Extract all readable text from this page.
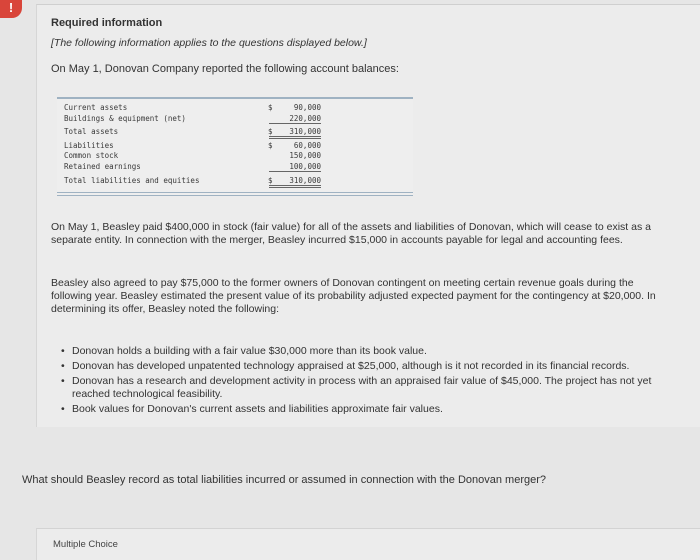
!
Required information
[The following information applies to the questions displayed below.]
On May 1, Donovan Company reported the following account balances:
Current assets	$	90,000
Buildings & equipment (net)	220,000
Total assets	$	310,000
Liabilities	$	60,000
Common stock	150,000
Retained earnings	100,000
Total liabilities and equities	$	310,000
On May 1, Beasley paid $400,000 in stock (fair value) for all of the assets and liabilities of Donovan, which will cease to exist as a separate entity. In connection with the merger, Beasley incurred $15,000 in accounts payable for legal and accounting fees.
Beasley also agreed to pay $75,000 to the former owners of Donovan contingent on meeting certain revenue goals during the following year. Beasley estimated the present value of its probability adjusted expected payment for the contingency at $20,000. In determining its offer, Beasley noted the following:
• Donovan holds a building with a fair value $30,000 more than its book value.
• Donovan has developed unpatented technology appraised at $25,000, although is it not recorded in its financial records.
• Donovan has a research and development activity in process with an appraised fair value of $45,000. The project has not yet reached technological feasibility.
• Book values for Donovan's current assets and liabilities approximate fair values.
What should Beasley record as total liabilities incurred or assumed in connection with the Donovan merger?
Multiple Choice
